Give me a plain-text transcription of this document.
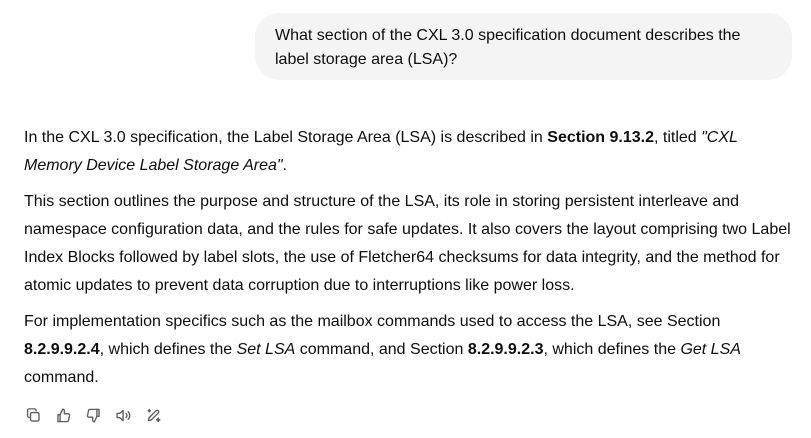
What section of the CXL 3.0 specification document describes the label storage area (LSA)?

In the CXL 3.0 specification, the Label Storage Area (LSA) is described in Section 9.13.2, titled "CXL Memory Device Label Storage Area".

This section outlines the purpose and structure of the LSA, its role in storing persistent interleave and namespace configuration data, and the rules for safe updates. It also covers the layout comprising two Label Index Blocks followed by label slots, the use of Fletcher64 checksums for data integrity, and the method for atomic updates to prevent data corruption due to interruptions like power loss.

For implementation specifics such as the mailbox commands used to access the LSA, see Section 8.2.9.9.2.4, which defines the Set LSA command, and Section 8.2.9.9.2.3, which defines the Get LSA command.
